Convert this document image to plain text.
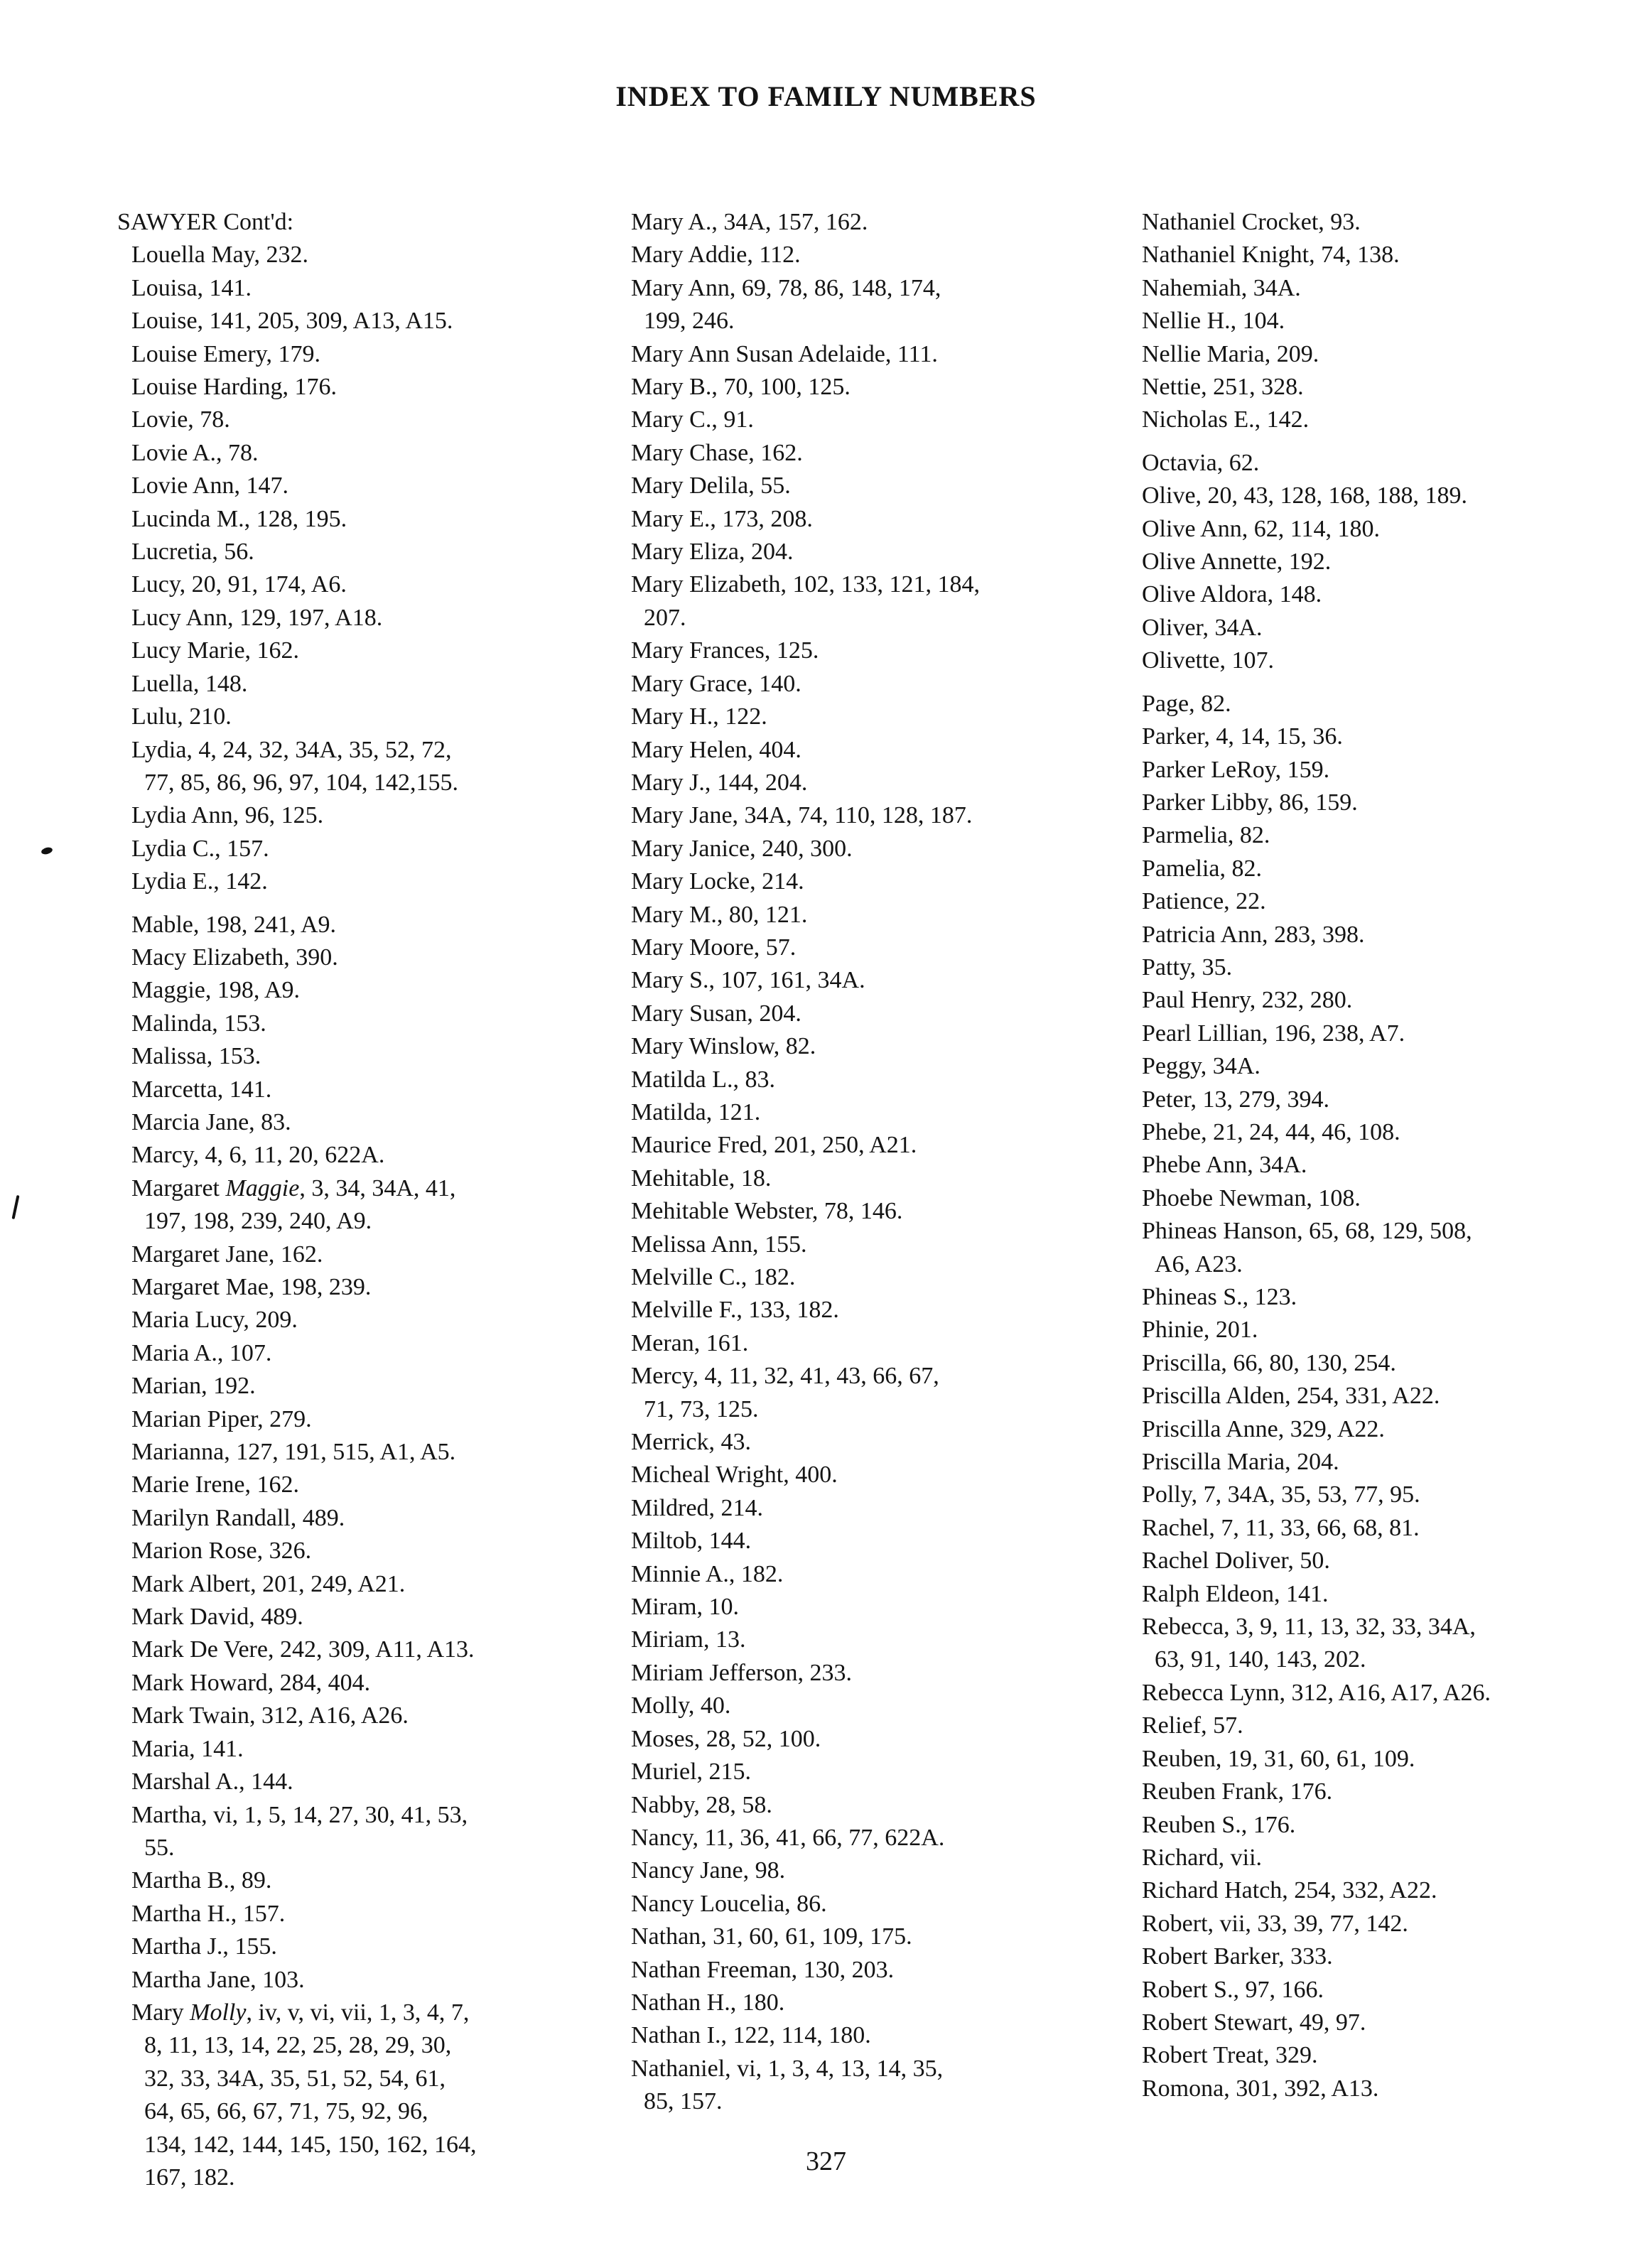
INDEX TO FAMILY NUMBERS
SAWYER Cont'd:
Louella May, 232.
Louisa, 141.
Louise, 141, 205, 309, A13, A15.
Louise Emery, 179.
Louise Harding, 176.
Lovie, 78.
Lovie A., 78.
Lovie Ann, 147.
Lucinda M., 128, 195.
Lucretia, 56.
Lucy, 20, 91, 174, A6.
Lucy Ann, 129, 197, A18.
Lucy Marie, 162.
Luella, 148.
Lulu, 210.
Lydia, 4, 24, 32, 34A, 35, 52, 72,
77, 85, 86, 96, 97, 104, 142,155.
Lydia Ann, 96, 125.
Lydia C., 157.
Lydia E., 142.
Mable, 198, 241, A9.
Macy Elizabeth, 390.
Maggie, 198, A9.
Malinda, 153.
Malissa, 153.
Marcetta, 141.
Marcia Jane, 83.
Marcy, 4, 6, 11, 20, 622A.
Margaret Maggie, 3, 34, 34A, 41,
197, 198, 239, 240, A9.
Margaret Jane, 162.
Margaret Mae, 198, 239.
Maria Lucy, 209.
Maria A., 107.
Marian, 192.
Marian Piper, 279.
Marianna, 127, 191, 515, A1, A5.
Marie Irene, 162.
Marilyn Randall, 489.
Marion Rose, 326.
Mark Albert, 201, 249, A21.
Mark David, 489.
Mark De Vere, 242, 309, A11, A13.
Mark Howard, 284, 404.
Mark Twain, 312, A16, A26.
Maria, 141.
Marshal A., 144.
Martha, vi, 1, 5, 14, 27, 30, 41, 53,
55.
Martha B., 89.
Martha H., 157.
Martha J., 155.
Martha Jane, 103.
Mary Molly, iv, v, vi, vii, 1, 3, 4, 7,
8, 11, 13, 14, 22, 25, 28, 29, 30,
32, 33, 34A, 35, 51, 52, 54, 61,
64, 65, 66, 67, 71, 75, 92, 96,
134, 142, 144, 145, 150, 162, 164,
167, 182.
Mary A., 34A, 157, 162.
Mary Addie, 112.
Mary Ann, 69, 78, 86, 148, 174,
199, 246.
Mary Ann Susan Adelaide, 111.
Mary B., 70, 100, 125.
Mary C., 91.
Mary Chase, 162.
Mary Delila, 55.
Mary E., 173, 208.
Mary Eliza, 204.
Mary Elizabeth, 102, 133, 121, 184,
207.
Mary Frances, 125.
Mary Grace, 140.
Mary H., 122.
Mary Helen, 404.
Mary J., 144, 204.
Mary Jane, 34A, 74, 110, 128, 187.
Mary Janice, 240, 300.
Mary Locke, 214.
Mary M., 80, 121.
Mary Moore, 57.
Mary S., 107, 161, 34A.
Mary Susan, 204.
Mary Winslow, 82.
Matilda L., 83.
Matilda, 121.
Maurice Fred, 201, 250, A21.
Mehitable, 18.
Mehitable Webster, 78, 146.
Melissa Ann, 155.
Melville C., 182.
Melville F., 133, 182.
Meran, 161.
Mercy, 4, 11, 32, 41, 43, 66, 67,
71, 73, 125.
Merrick, 43.
Micheal Wright, 400.
Mildred, 214.
Miltob, 144.
Minnie A., 182.
Miram, 10.
Miriam, 13.
Miriam Jefferson, 233.
Molly, 40.
Moses, 28, 52, 100.
Muriel, 215.
Nabby, 28, 58.
Nancy, 11, 36, 41, 66, 77, 622A.
Nancy Jane, 98.
Nancy Loucelia, 86.
Nathan, 31, 60, 61, 109, 175.
Nathan Freeman, 130, 203.
Nathan H., 180.
Nathan I., 122, 114, 180.
Nathaniel, vi, 1, 3, 4, 13, 14, 35,
85, 157.
Nathaniel Crocket, 93.
Nathaniel Knight, 74, 138.
Nahemiah, 34A.
Nellie H., 104.
Nellie Maria, 209.
Nettie, 251, 328.
Nicholas E., 142.
Octavia, 62.
Olive, 20, 43, 128, 168, 188, 189.
Olive Ann, 62, 114, 180.
Olive Annette, 192.
Olive Aldora, 148.
Oliver, 34A.
Olivette, 107.
Page, 82.
Parker, 4, 14, 15, 36.
Parker LeRoy, 159.
Parker Libby, 86, 159.
Parmelia, 82.
Pamelia, 82.
Patience, 22.
Patricia Ann, 283, 398.
Patty, 35.
Paul Henry, 232, 280.
Pearl Lillian, 196, 238, A7.
Peggy, 34A.
Peter, 13, 279, 394.
Phebe, 21, 24, 44, 46, 108.
Phebe Ann, 34A.
Phoebe Newman, 108.
Phineas Hanson, 65, 68, 129, 508,
A6, A23.
Phineas S., 123.
Phinie, 201.
Priscilla, 66, 80, 130, 254.
Priscilla Alden, 254, 331, A22.
Priscilla Anne, 329, A22.
Priscilla Maria, 204.
Polly, 7, 34A, 35, 53, 77, 95.
Rachel, 7, 11, 33, 66, 68, 81.
Rachel Doliver, 50.
Ralph Eldeon, 141.
Rebecca, 3, 9, 11, 13, 32, 33, 34A,
63, 91, 140, 143, 202.
Rebecca Lynn, 312, A16, A17, A26.
Relief, 57.
Reuben, 19, 31, 60, 61, 109.
Reuben Frank, 176.
Reuben S., 176.
Richard, vii.
Richard Hatch, 254, 332, A22.
Robert, vii, 33, 39, 77, 142.
Robert Barker, 333.
Robert S., 97, 166.
Robert Stewart, 49, 97.
Robert Treat, 329.
Romona, 301, 392, A13.
327
